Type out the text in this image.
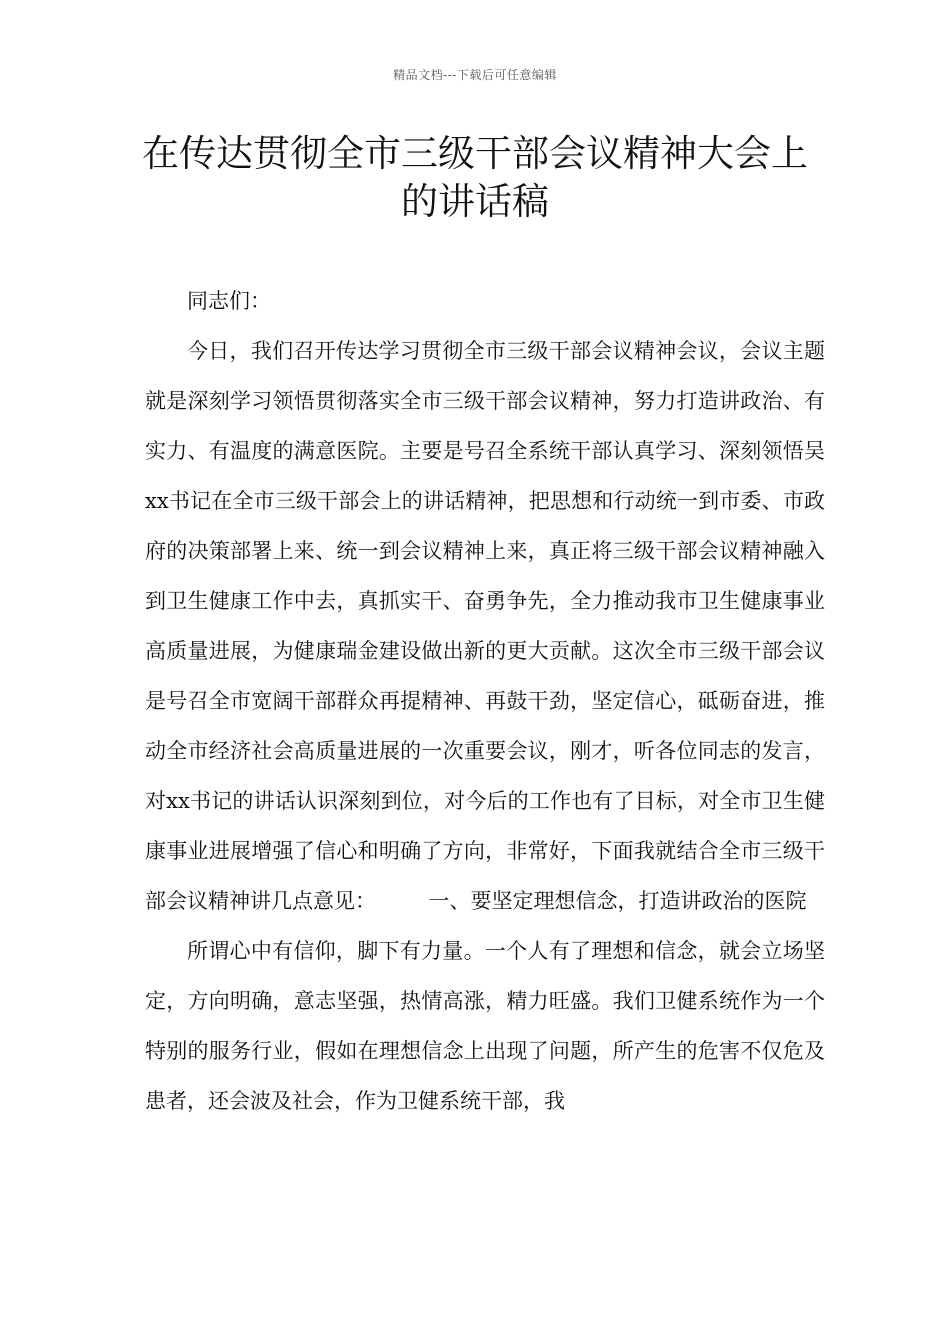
精品文档---下载后可任意编辑
在传达贯彻全市三级干部会议精神大会上的讲话稿

同志们：

今日，我们召开传达学习贯彻全市三级干部会议精神会议，会议主题就是深刻学习领悟贯彻落实全市三级干部会议精神，努力打造讲政治、有实力、有温度的满意医院。主要是号召全系统干部认真学习、深刻领悟吴xx书记在全市三级干部会上的讲话精神，把思想和行动统一到市委、市政府的决策部署上来、统一到会议精神上来，真正将三级干部会议精神融入到卫生健康工作中去，真抓实干、奋勇争先，全力推动我市卫生健康事业高质量进展，为健康瑞金建设做出新的更大贡献。这次全市三级干部会议是号召全市宽阔干部群众再提精神、再鼓干劲，坚定信心，砥砺奋进，推动全市经济社会高质量进展的一次重要会议，刚才，听各位同志的发言，对xx书记的讲话认识深刻到位，对今后的工作也有了目标，对全市卫生健康事业进展增强了信心和明确了方向，非常好，下面我就结合全市三级干部会议精神讲几点意见：　　　一、要坚定理想信念，打造讲政治的医院

所谓心中有信仰，脚下有力量。一个人有了理想和信念，就会立场坚定，方向明确，意志坚强，热情高涨，精力旺盛。我们卫健系统作为一个特别的服务行业，假如在理想信念上出现了问题，所产生的危害不仅危及患者，还会波及社会，作为卫健系统干部，我
